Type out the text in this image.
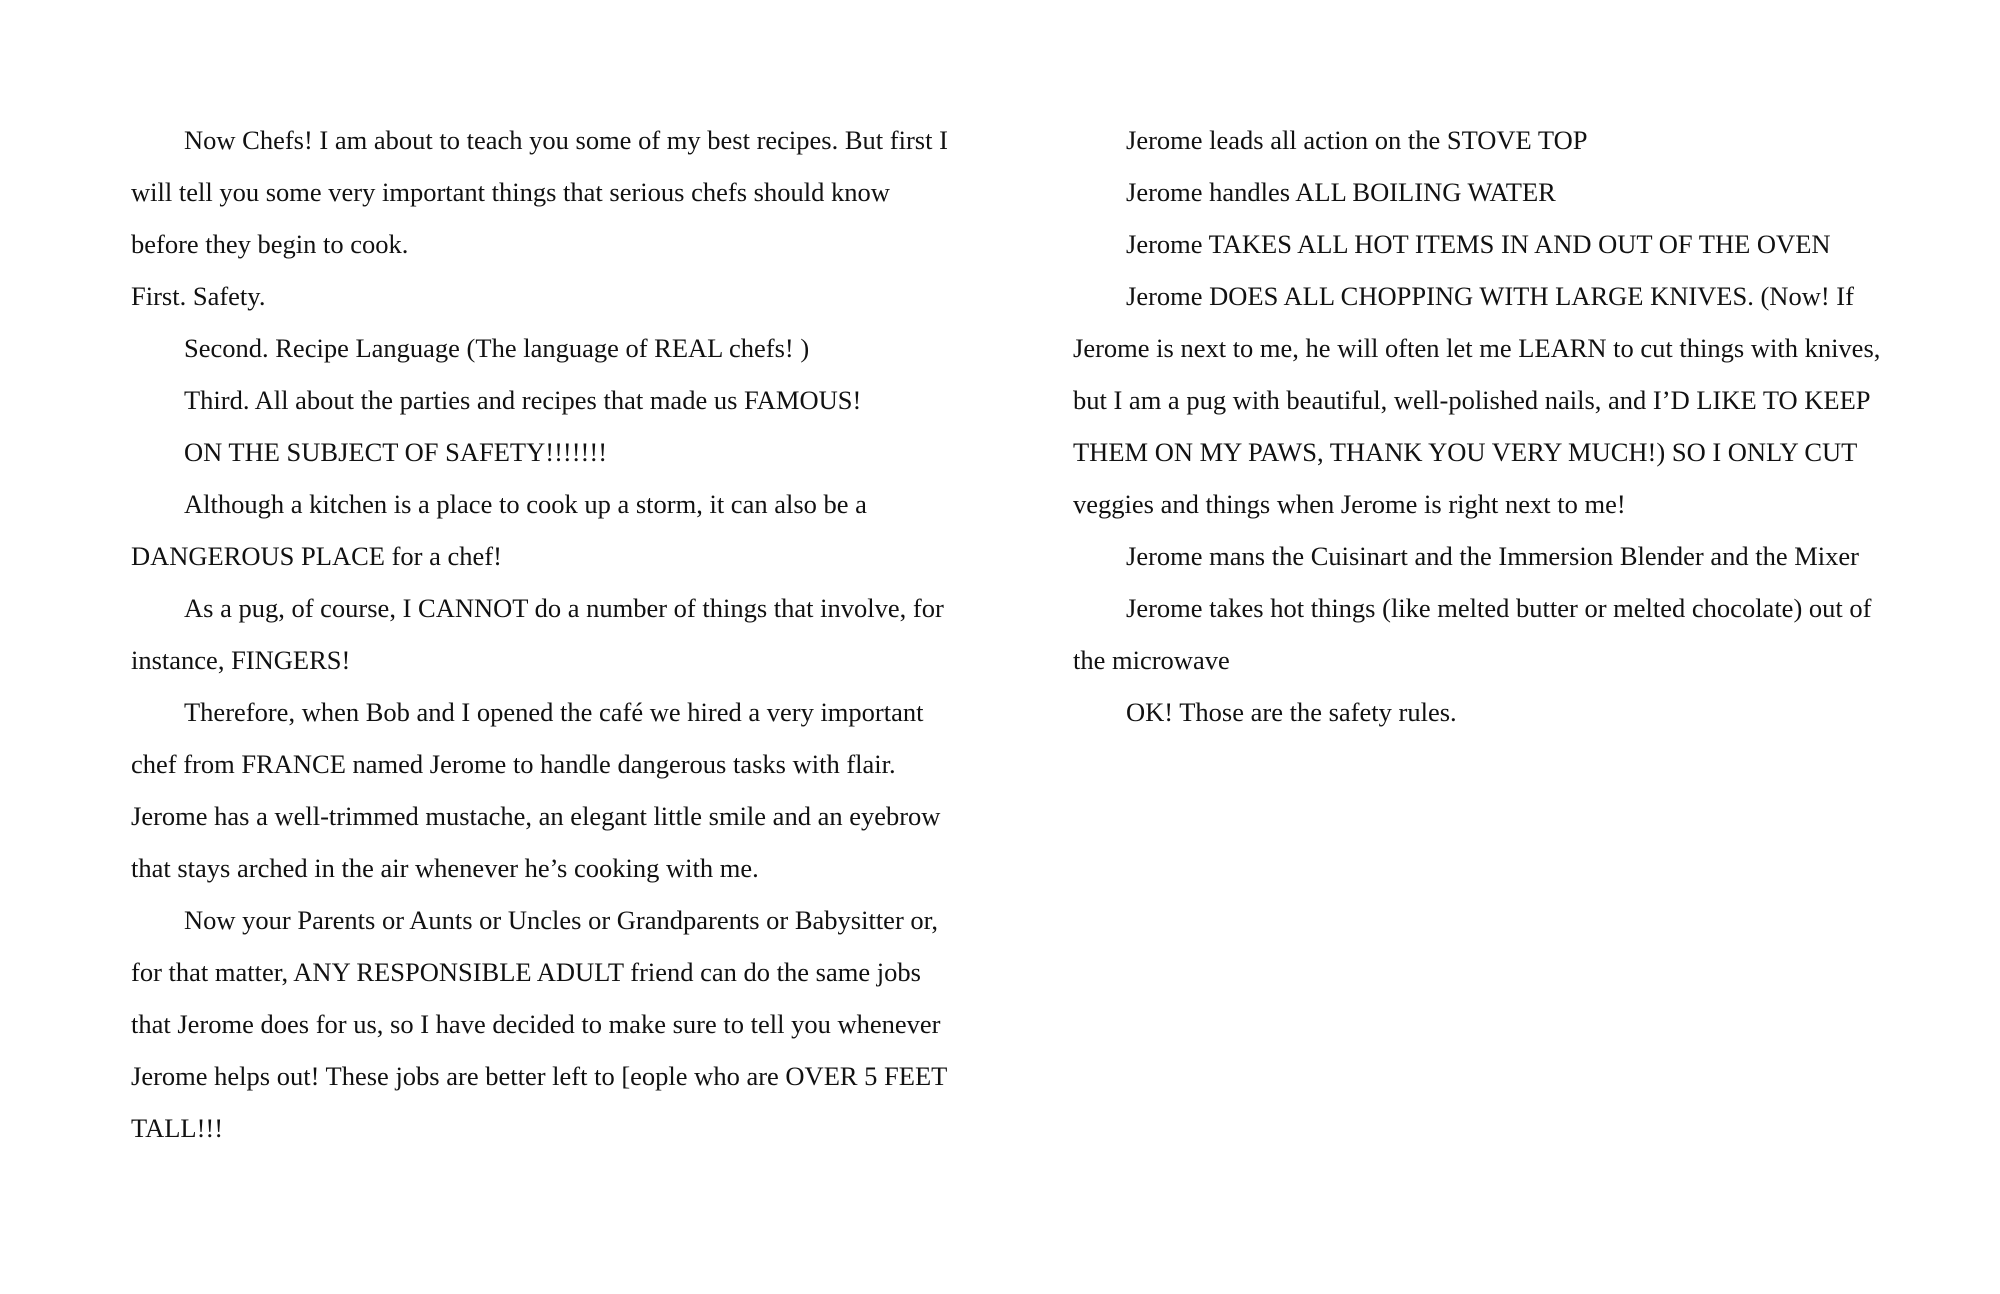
Now Chefs! I am about to teach you some of my best recipes. But first I will tell you some very important things that serious chefs should know before they begin to cook.

First. Safety.

Second. Recipe Language (The language of REAL chefs! )

Third. All about the parties and recipes that made us FAMOUS!

ON THE SUBJECT OF SAFETY!!!!!!!

Although a kitchen is a place to cook up a storm, it can also be a DANGEROUS PLACE for a chef!

As a pug, of course, I CANNOT do a number of things that involve, for instance, FINGERS!

Therefore, when Bob and I opened the café we hired a very important chef from FRANCE named Jerome to handle dangerous tasks with flair. Jerome has a well-trimmed mustache, an elegant little smile and an eyebrow that stays arched in the air whenever he’s cooking with me.

Now your Parents or Aunts or Uncles or Grandparents or Babysitter or, for that matter, ANY RESPONSIBLE ADULT friend can do the same jobs that Jerome does for us, so I have decided to make sure to tell you whenever Jerome helps out! These jobs are better left to [eople who are OVER 5 FEET TALL!!!

Jerome leads all action on the STOVE TOP

Jerome handles ALL BOILING WATER

Jerome TAKES ALL HOT ITEMS IN AND OUT OF THE OVEN

Jerome DOES ALL CHOPPING WITH LARGE KNIVES. (Now! If Jerome is next to me, he will often let me LEARN to cut things with knives, but I am a pug with beautiful, well-polished nails, and I’D LIKE TO KEEP THEM ON MY PAWS, THANK YOU VERY MUCH!) SO I ONLY CUT veggies and things when Jerome is right next to me!

Jerome mans the Cuisinart and the Immersion Blender and the Mixer

Jerome takes hot things (like melted butter or melted chocolate) out of the microwave

OK! Those are the safety rules.
